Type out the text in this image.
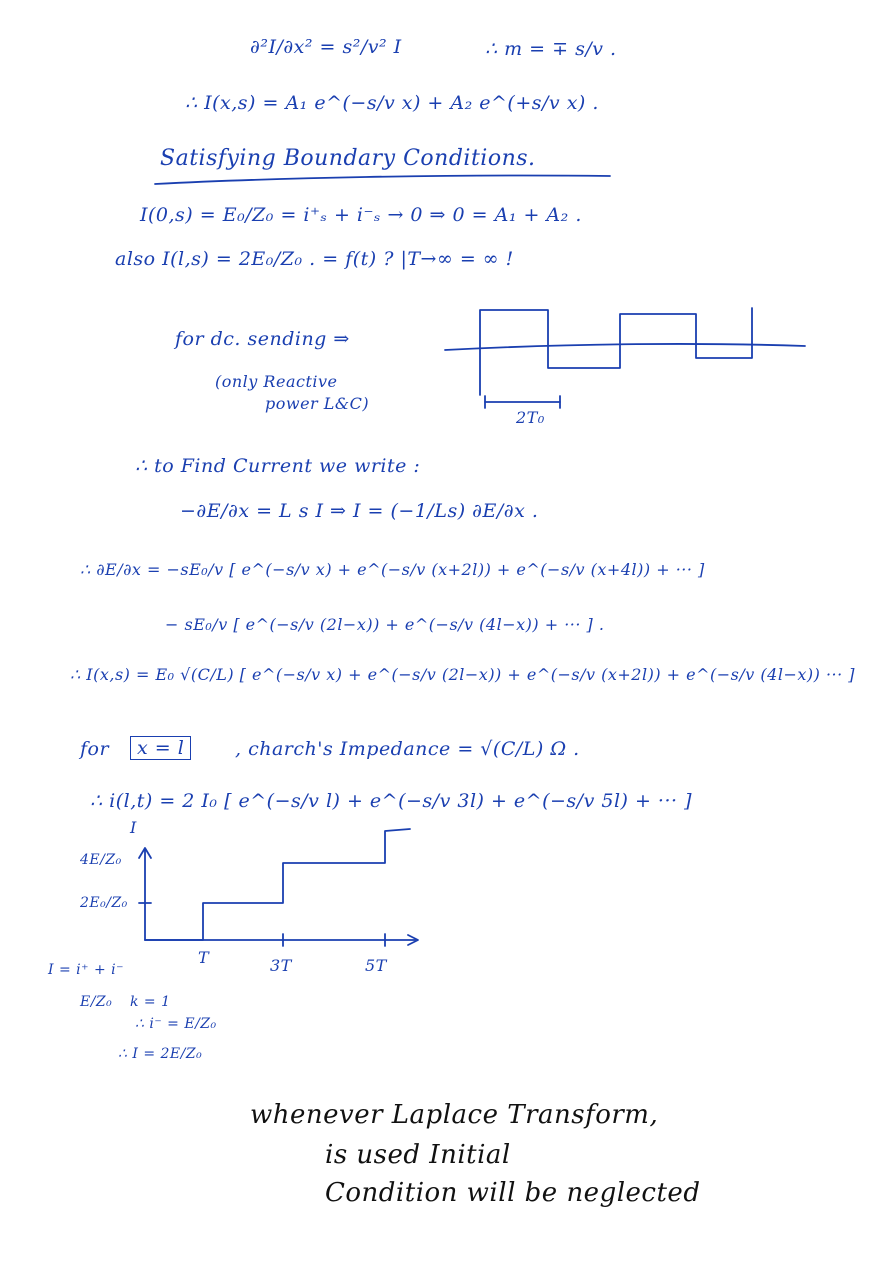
∂²I/∂x² = s²/v² I	∴ m = ∓ s/v .
∴ I(x,s) = A₁ e^(−s/v x) + A₂ e^(+s/v x) .
Satisfying Boundary Conditions.
I(0,s) = E₀/Z₀ = i⁺ₛ + i⁻ₛ → 0 ⇒ 0 = A₁ + A₂ .
also I(l,s) = 2E₀/Z₀ . = f(t) ? |T→∞ = ∞ !
for dc. sending ⇒
(only Reactive
power L&C)
2T₀
∴ to Find Current we write :
−∂E/∂x = L s I ⇒ I = (−1/Ls) ∂E/∂x .
∴ ∂E/∂x = −sE₀/v [ e^(−s/v x) + e^(−s/v (x+2l)) + e^(−s/v (x+4l)) + ··· ]
− sE₀/v [ e^(−s/v (2l−x)) + e^(−s/v (4l−x)) + ··· ] .
∴ I(x,s) = E₀ √(C/L) [ e^(−s/v x) + e^(−s/v (2l−x)) + e^(−s/v (x+2l)) + e^(−s/v (4l−x)) ··· ]
for	x = l	, charch's Impedance = √(C/L) Ω .
∴ i(l,t) = 2 I₀ [ e^(−s/v l) + e^(−s/v 3l) + e^(−s/v 5l) + ··· ]
I
4E/Z₀
2E₀/Z₀
T	3T	5T
I = i⁺ + i⁻
E/Z₀ k = 1
∴ i⁻ = E/Z₀
∴ I = 2E/Z₀
whenever Laplace Transform,
is used Initial
Condition will be neglected
